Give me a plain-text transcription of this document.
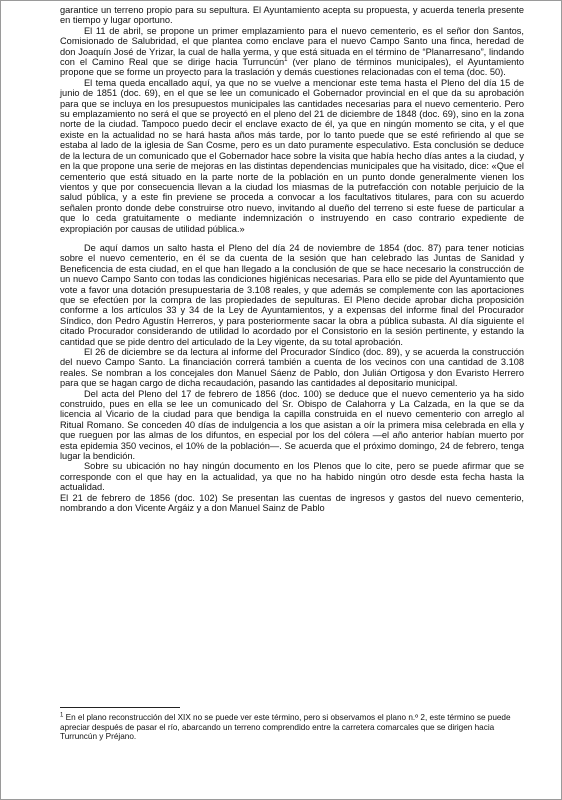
garantice un terreno propio para su sepultura. El Ayuntamiento acepta su propuesta, y acuerda tenerla presente en tiempo y lugar oportuno.

El 11 de abril, se propone un primer emplazamiento para el nuevo cementerio, es el señor don Santos, Comisionado de Salubridad, el que plantea como enclave para el nuevo Campo Santo una finca, heredad de don Joaquín José de Yrizar, la cual de halla yerma, y que está situada en el término de “Planarresano”, lindando con el Camino Real que se dirige hacia Turruncún$^1$ (ver plano de términos municipales), el Ayuntamiento propone que se forme un proyecto para la traslación y demás cuestiones relacionadas con el tema (doc. 50).

El tema queda encallado aquí, ya que no se vuelve a mencionar este tema hasta el Pleno del día 15 de junio de 1851 (doc. 69), en el que se lee un comunicado el Gobernador provincial en el que da su aprobación para que se incluya en los presupuestos municipales las cantidades necesarias para el nuevo cementerio. Pero su emplazamiento no será el que se proyectó en el pleno del 21 de diciembre de 1848 (doc. 69), sino en la zona norte de la ciudad. Tampoco puedo decir el enclave exacto de él, ya que en ningún momento se cita, y el que existe en la actualidad no se hará hasta años más tarde, por lo tanto puede que se esté refiriendo al que se estaba al lado de la iglesia de San Cosme, pero es un dato puramente especulativo. Esta conclusión se deduce de la lectura de un comunicado que el Gobernador hace sobre la visita que había hecho días antes a la ciudad, y en la que propone una serie de mejoras en las distintas dependencias municipales que ha visitado, dice: «Que el cementerio que está situado en la parte norte de la población en un punto donde generalmente vienen los vientos y que por consecuencia llevan a la ciudad los miasmas de la putrefacción con notable perjuicio de la salud pública, y a este fin previene se proceda a convocar a los facultativos titulares, para con su acuerdo señalen pronto donde debe construirse otro nuevo, invitando al dueño del terreno si este fuese de particular a que lo ceda gratuitamente o mediante indemnización o instruyendo en caso contrario expediente de expropiación por causas de utilidad pública.»

De aquí damos un salto hasta el Pleno del día 24 de noviembre de 1854 (doc. 87) para tener noticias sobre el nuevo cementerio, en él se da cuenta de la sesión que han celebrado las Juntas de Sanidad y Beneficencia de esta ciudad, en el que han llegado a la conclusión de que se hace necesario la construcción de un nuevo Campo Santo con todas las condiciones higiénicas necesarias. Para ello se pide del Ayuntamiento que vote a favor una dotación presupuestaria de 3.108 reales, y que además se complemente con las aportaciones que se efectúen por la compra de las propiedades de sepulturas. El Pleno decide aprobar dicha proposición conforme a los artículos 33 y 34 de la Ley de Ayuntamientos, y a expensas del informe final del Procurador Síndico, don Pedro Agustín Herreros, y para posteriormente sacar la obra a pública subasta. Al día siguiente el citado Procurador considerando de utilidad lo acordado por el Consistorio en la sesión pertinente, y estando la cantidad que se pide dentro del articulado de la Ley vigente, da su total aprobación.

El 26 de diciembre se da lectura al informe del Procurador Síndico (doc. 89), y se acuerda la construcción del nuevo Campo Santo. La financiación correrá también a cuenta de los vecinos con una cantidad de 3.108 reales. Se nombran a los concejales don Manuel Sáenz de Pablo, don Julián Ortigosa y don Evaristo Herrero para que se hagan cargo de dicha recaudación, pasando las cantidades al depositario municipal.

Del acta del Pleno del 17 de febrero de 1856 (doc. 100) se deduce que el nuevo cementerio ya ha sido construido, pues en ella se lee un comunicado del Sr. Obispo de Calahorra y La Calzada, en la que se da licencia al Vicario de la ciudad para que bendiga la capilla construida en el nuevo cementerio con arreglo al Ritual Romano. Se conceden 40 días de indulgencia a los que asistan a oír la primera misa celebrada en ella y que rueguen por las almas de los difuntos, en especial por los del cólera —el año anterior habían muerto por esta epidemia 350 vecinos, el 10% de la población—. Se acuerda que el próximo domingo, 24 de febrero, tenga lugar la bendición.

Sobre su ubicación no hay ningún documento en los Plenos que lo cite, pero se puede afirmar que se corresponde con el que hay en la actualidad, ya que no ha habido ningún otro desde esta fecha hasta la actualidad.

El 21 de febrero de 1856 (doc. 102) Se presentan las cuentas de ingresos y gastos del nuevo cementerio, nombrando a don Vicente Argáiz y a don Manuel Sainz de Pablo

$^1$ En el plano reconstrucción del XIX no se puede ver este término, pero si observamos el plano n.º 2, este término se puede apreciar después de pasar el río, abarcando un terreno comprendido entre la carretera comarcales que se dirigen hacia Turruncún y Préjano.
